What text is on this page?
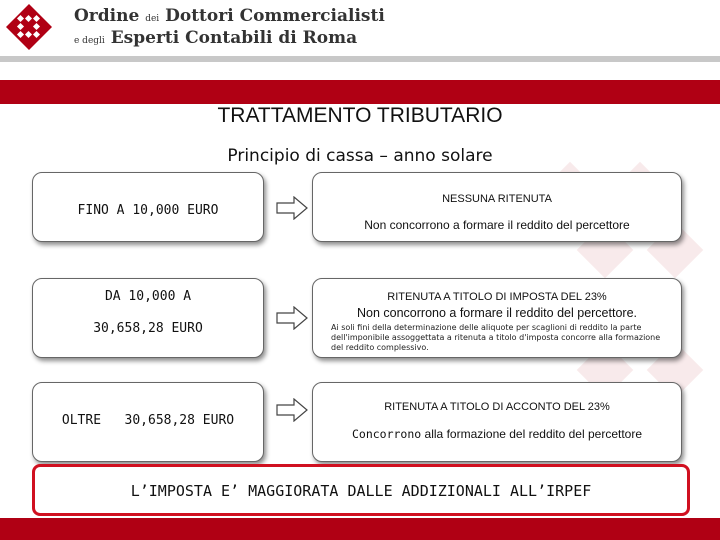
Ordine dei Dottori Commercialisti
e degli Esperti Contabili di Roma
TRATTAMENTO TRIBUTARIO
Principio di cassa – anno solare
FINO A 10,000 EURO
NESSUNA RITENUTA
Non concorrono a formare il reddito del percettore
DA 10,000 A
30,658,28 EURO
RITENUTA A TITOLO DI IMPOSTA DEL 23%
Non concorrono a formare il reddito del percettore.
Ai soli fini della determinazione delle aliquote per scaglioni di reddito la parte dell'imponibile assoggettata a ritenuta a titolo d'imposta concorre alla formazione del reddito complessivo.
OLTRE   30,658,28 EURO
RITENUTA A TITOLO DI ACCONTO DEL 23%
Concorrono alla formazione del reddito del percettore
L’IMPOSTA E’ MAGGIORATA DALLE ADDIZIONALI ALL’IRPEF
